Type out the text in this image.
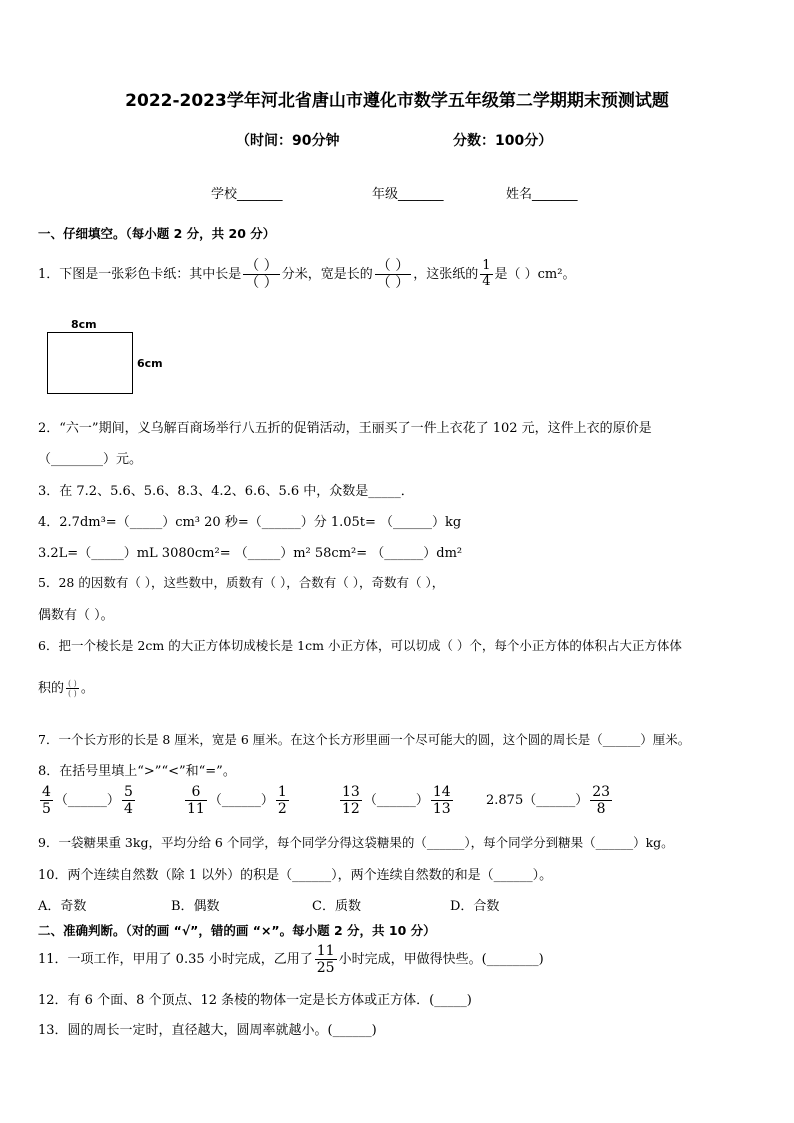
2022-2023学年河北省唐山市遵化市数学五年级第二学期期末预测试题
（时间：90分钟	分数：100分）
学校_______	年级_______	姓名_______
一、仔细填空。（每小题 2 分，共 20 分）
1．下图是一张彩色卡纸：其中长是 $\frac{( )}{( )}$ 分米，宽是长的 $\frac{( )}{( )}$ ，这张纸的 $\frac{1}{4}$ 是（ ）cm²。
8cm
6cm
2．“六一”期间，义乌解百商场举行八五折的促销活动，王丽买了一件上衣花了 102 元，这件上衣的原价是
（________）元。
3．在 7.2、5.6、5.6、8.3、4.2、6.6、5.6 中，众数是_____．
4．2.7dm³=（_____）cm³ 20 秒=（______）分 1.05t= （______）kg
3.2L=（_____）mL 3080cm²= （_____）m² 58cm²= （______）dm²
5．28 的因数有（ ），这些数中，质数有（ ），合数有（ ），奇数有（ ），
偶数有（ ）。
6．把一个棱长是 2cm 的大正方体切成棱长是 1cm 小正方体，可以切成（ ）个，每个小正方体的体积占大正方体体
积的 $\frac{( )}{( )}$ 。
7．一个长方形的长是 8 厘米，宽是 6 厘米。在这个长方形里画一个尽可能大的圆，这个圆的周长是（______）厘米。
8．在括号里填上“>”“<”和“=”。
$\frac{4}{5}$ （______） $\frac{5}{4}$	$\frac{6}{11}$ （______） $\frac{1}{2}$	$\frac{13}{12}$ （______） $\frac{14}{13}$	2.875（______） $\frac{23}{8}$
9．一袋糖果重 3kg，平均分给 6 个同学，每个同学分得这袋糖果的（______），每个同学分到糖果（______）kg。
10．两个连续自然数（除 1 以外）的积是（______），两个连续自然数的和是（______）。
A．奇数	B．偶数	C．质数	D．合数
二、准确判断。（对的画 “√”，错的画 “×”。每小题 2 分，共 10 分）
11．一项工作，甲用了 0.35 小时完成，乙用了 $\frac{11}{25}$ 小时完成，甲做得快些。(________)
12．有 6 个面、8 个顶点、12 条棱的物体一定是长方体或正方体．(_____)
13．圆的周长一定时，直径越大，圆周率就越小。(______)
